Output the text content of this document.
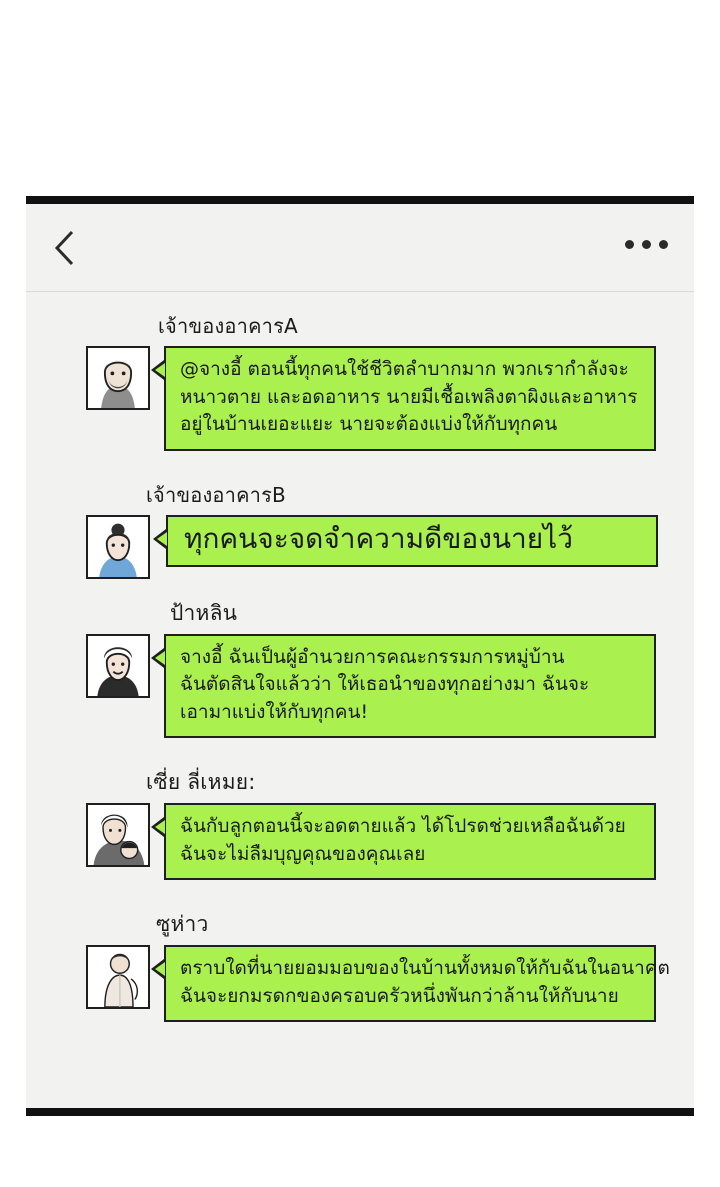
เจ้าของอาคารA
@จางอี้ ตอนนี้ทุกคนใช้ชีวิตลำบากมาก พวกเรากำลังจะ
หนาวตาย และอดอาหาร นายมีเชื้อเพลิงตาผิงและอาหาร
อยู่ในบ้านเยอะแยะ นายจะต้องแบ่งให้กับทุกคน
เจ้าของอาคารB
ทุกคนจะจดจำความดีของนายไว้
ป้าหลิน
จางอี้ ฉันเป็นผู้อำนวยการคณะกรรมการหมู่บ้าน
ฉันตัดสินใจแล้วว่า ให้เธอนำของทุกอย่างมา ฉันจะ
เอามาแบ่งให้กับทุกคน!
เซี่ย ลี่เหมย:
ฉันกับลูกตอนนี้จะอดตายแล้ว ได้โปรดช่วยเหลือฉันด้วย
ฉันจะไม่ลืมบุญคุณของคุณเลย
ซูห่าว
ตราบใดที่นายยอมมอบของในบ้านทั้งหมดให้กับฉันในอนาคต
ฉันจะยกมรดกของครอบครัวหนึ่งพันกว่าล้านให้กับนาย
